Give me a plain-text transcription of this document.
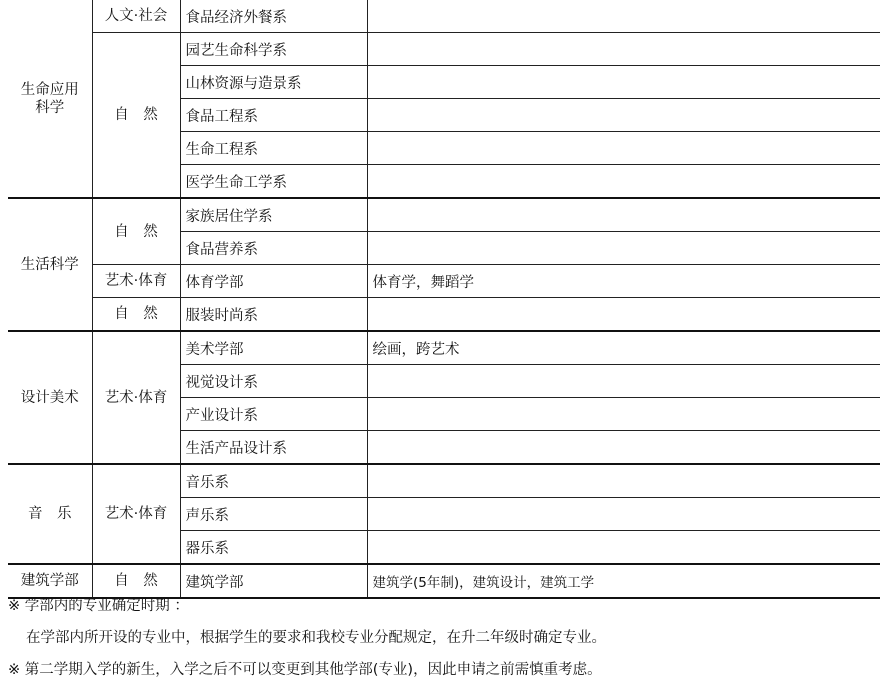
生命应用
科学	人文·社会	食品经济外餐系	
	自　然	园艺生命科学系	
		山林资源与造景系	
		食品工程系	
		生命工程系	
		医学生命工学系	
生活科学	自　然	家族居住学系	
		食品营养系	
	艺术·体育	体育学部	体育学，舞蹈学
	自　然	服装时尚系	
设计美术	艺术·体育	美术学部	绘画，跨艺术
		视觉设计系	
		产业设计系	
		生活产品设计系	
音　乐	艺术·体育	音乐系	
		声乐系	
		器乐系	
建筑学部	自　然	建筑学部	建筑学(5年制)，建筑设计，建筑工学
※ 学部内的专业确定时期 ：
在学部内所开设的专业中，根据学生的要求和我校专业分配规定，在升二年级时确定专业。
※ 第二学期入学的新生，入学之后不可以变更到其他学部(专业)，因此申请之前需慎重考虑。
